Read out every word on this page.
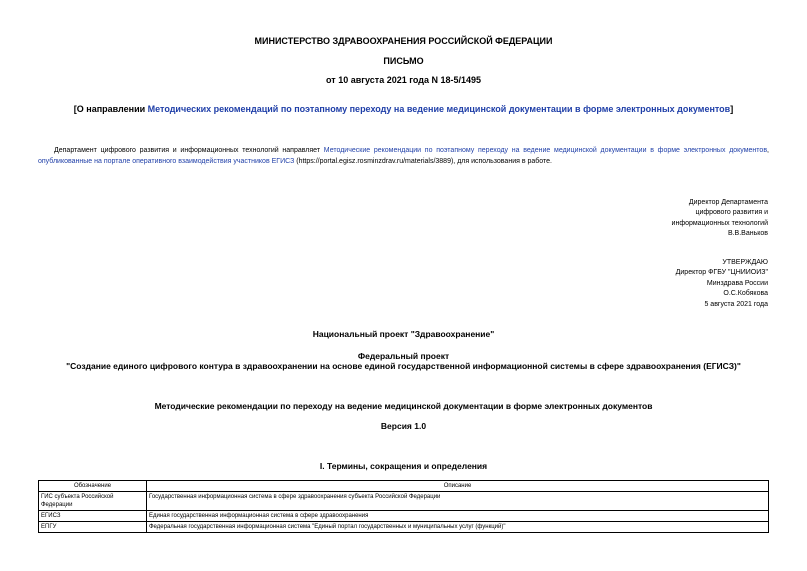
МИНИСТЕРСТВО ЗДРАВООХРАНЕНИЯ РОССИЙСКОЙ ФЕДЕРАЦИИ
ПИСЬМО
от 10 августа 2021 года N 18-5/1495
[О направлении Методических рекомендаций по поэтапному переходу на ведение медицинской документации в форме электронных документов]
Департамент цифрового развития и информационных технологий направляет Методические рекомендации по поэтапному переходу на ведение медицинской документации в форме электронных документов, опубликованные на портале оперативного взаимодействия участников ЕГИСЗ (https://portal.egisz.rosminzdrav.ru/materials/3889), для использования в работе.
Директор Департамента
цифрового развития и
информационных технологий
В.В.Ваньков
УТВЕРЖДАЮ
Директор ФГБУ "ЦНИИОИЗ"
Минздрава России
О.С.Кобякова
5 августа 2021 года
Национальный проект "Здравоохранение"
Федеральный проект
"Создание единого цифрового контура в здравоохранении на основе единой государственной информационной системы в сфере здравоохранения (ЕГИСЗ)"
Методические рекомендации по переходу на ведение медицинской документации в форме электронных документов
Версия 1.0
I. Термины, сокращения и определения
Обозначение	Описание
ГИС субъекта Российской Федерации	Государственная информационная система в сфере здравоохранения субъекта Российской Федерации
ЕГИСЗ	Единая государственная информационная система в сфере здравоохранения
ЕПГУ	Федеральная государственная информационная система "Единый портал государственных и муниципальных услуг (функций)"
